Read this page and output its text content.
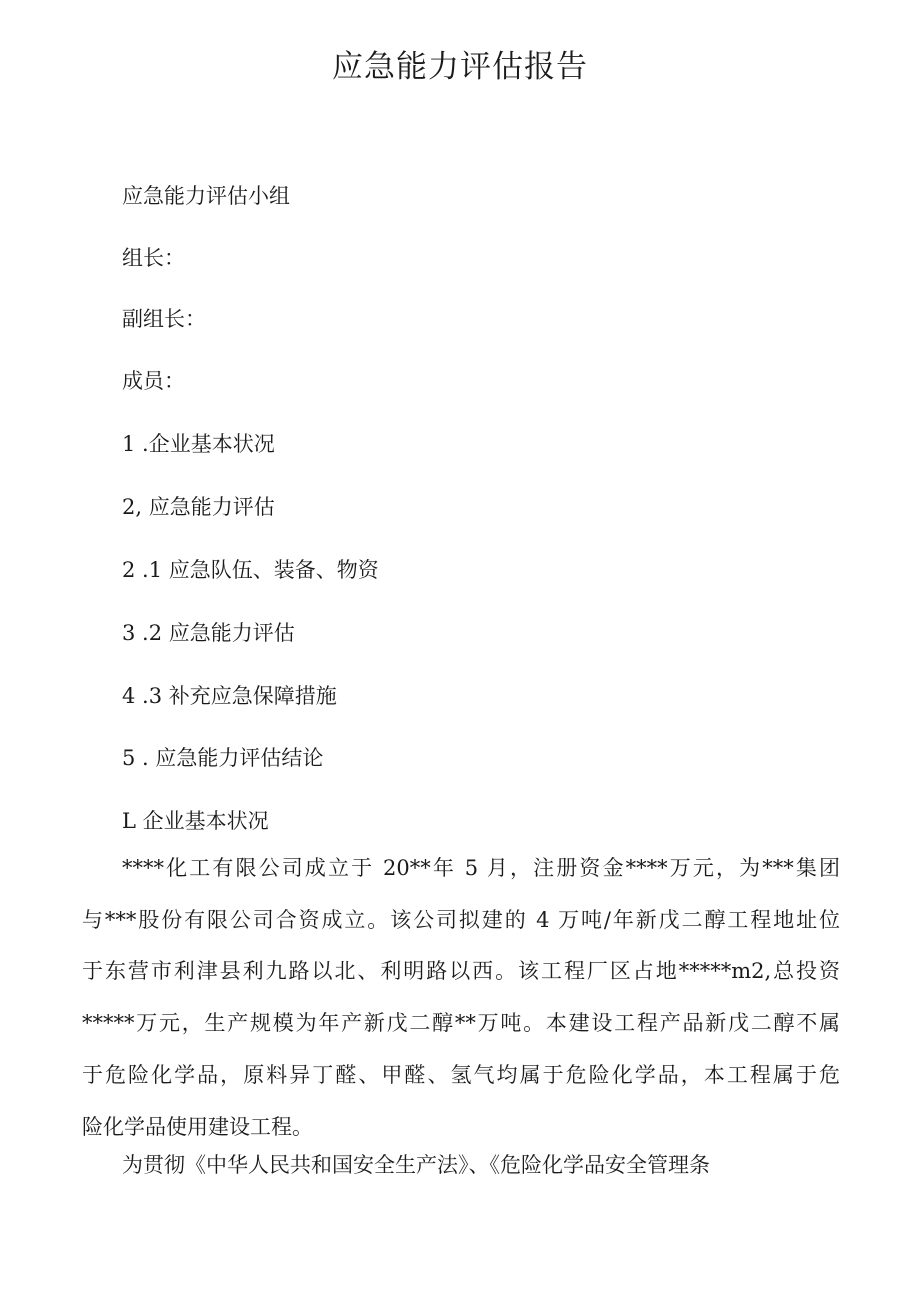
应急能力评估报告

应急能力评估小组

组长：

副组长：

成员：

1 .企业基本状况

2, 应急能力评估

2 .1 应急队伍、装备、物资

3 .2 应急能力评估

4 .3 补充应急保障措施

5 . 应急能力评估结论

L 企业基本状况

****化工有限公司成立于 20**年 5 月，注册资金****万元，为***集团
与***股份有限公司合资成立。该公司拟建的 4 万吨/年新戊二醇工程地址位
于东营市利津县利九路以北、利明路以西。该工程厂区占地*****m2,总投资
*****万元，生产规模为年产新戊二醇**万吨。本建设工程产品新戊二醇不属
于危险化学品，原料异丁醛、甲醛、氢气均属于危险化学品，本工程属于危
险化学品使用建设工程。

为贯彻《中华人民共和国安全生产法》、《危险化学品安全管理条
